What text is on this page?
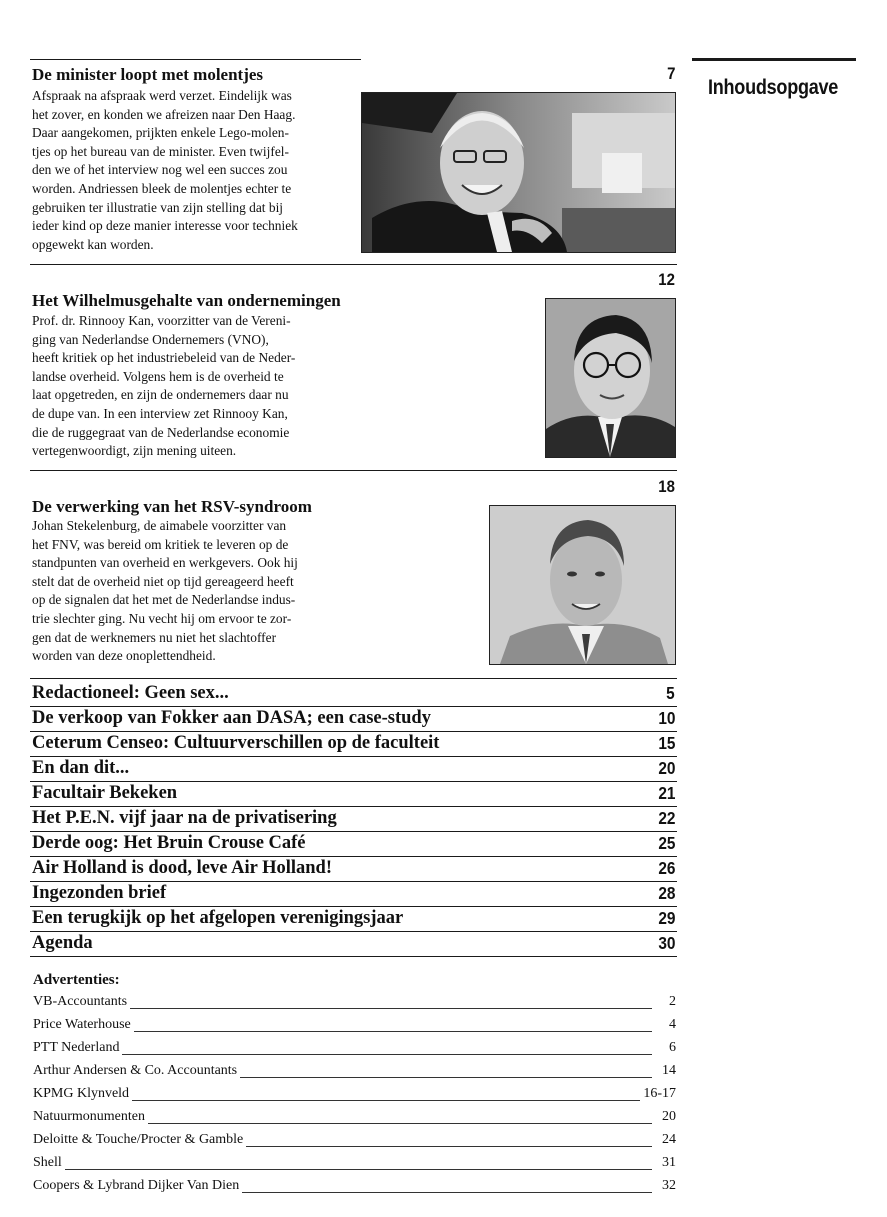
Inhoudsopgave
7
De minister loopt met molentjes
Afspraak na afspraak werd verzet. Eindelijk was
het zover, en konden we afreizen naar Den Haag.
Daar aangekomen, prijkten enkele Lego-molen-
tjes op het bureau van de minister. Even twijfel-
den we of het interview nog wel een succes zou
worden. Andriessen bleek de molentjes echter te
gebruiken ter illustratie van zijn stelling dat bij
ieder kind op deze manier interesse voor techniek
opgewekt kan worden.
12
Het Wilhelmusgehalte van ondernemingen
Prof. dr. Rinnooy Kan, voorzitter van de Vereni-
ging van Nederlandse Ondernemers (VNO),
heeft kritiek op het industriebeleid van de Neder-
landse overheid. Volgens hem is de overheid te
laat opgetreden, en zijn de ondernemers daar nu
de dupe van. In een interview zet Rinnooy Kan,
die de ruggegraat van de Nederlandse economie
vertegenwoordigt, zijn mening uiteen.
18
De verwerking van het RSV-syndroom
Johan Stekelenburg, de aimabele voorzitter van
het FNV, was bereid om kritiek te leveren op de
standpunten van overheid en werkgevers. Ook hij
stelt dat de overheid niet op tijd gereageerd heeft
op de signalen dat het met de Nederlandse indus-
trie slechter ging. Nu vecht hij om ervoor te zor-
gen dat de werknemers nu niet het slachtoffer
worden van deze onoplettendheid.
Redactioneel: Geen sex...	5
De verkoop van Fokker aan DASA; een case-study	10
Ceterum Censeo: Cultuurverschillen op de faculteit	15
En dan dit...	20
Facultair Bekeken	21
Het P.E.N. vijf jaar na de privatisering	22
Derde oog: Het Bruin Crouse Café	25
Air Holland is dood, leve Air Holland!	26
Ingezonden brief	28
Een terugkijk op het afgelopen verenigingsjaar	29
Agenda	30
Advertenties:
VB-Accountants	2
Price Waterhouse	4
PTT Nederland	6
Arthur Andersen & Co. Accountants	14
KPMG Klynveld	16-17
Natuurmonumenten	20
Deloitte & Touche/Procter & Gamble	24
Shell	31
Coopers & Lybrand Dijker Van Dien	32
